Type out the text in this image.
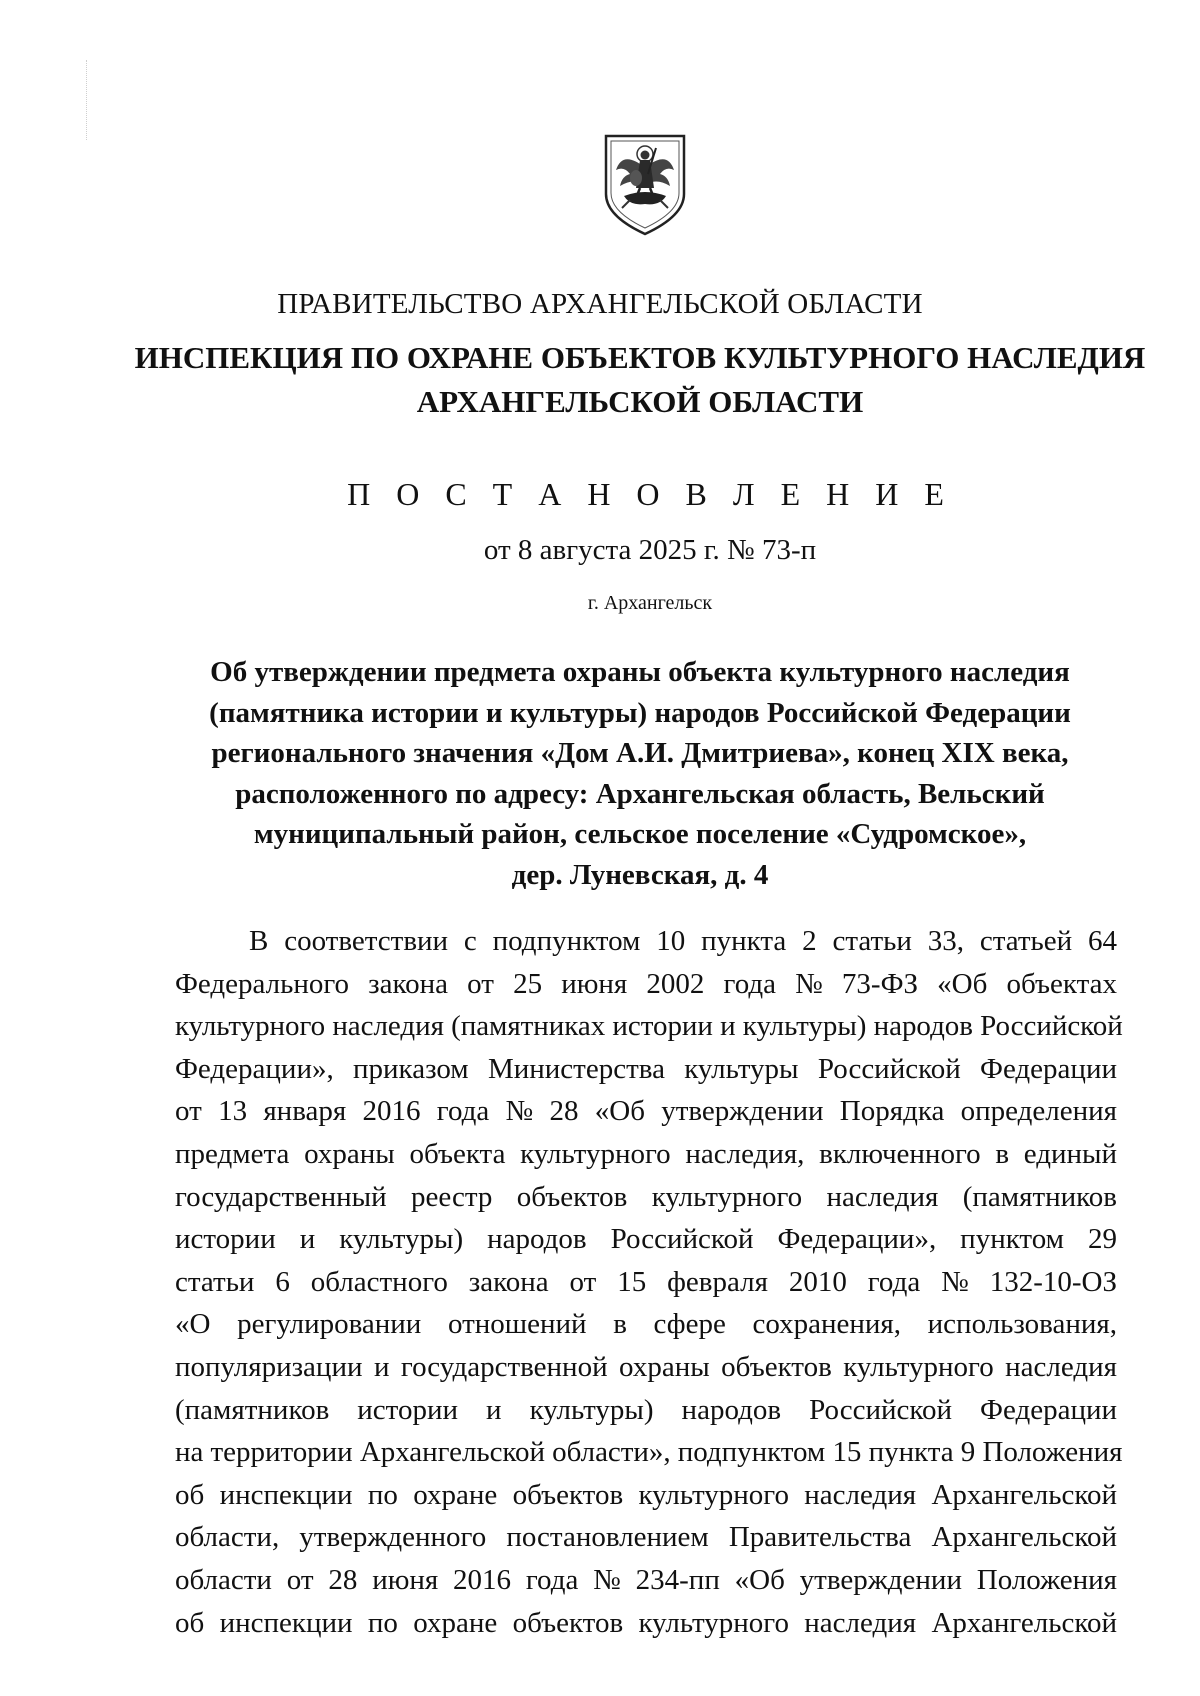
ПРАВИТЕЛЬСТВО АРХАНГЕЛЬСКОЙ ОБЛАСТИ
ИНСПЕКЦИЯ ПО ОХРАНЕ ОБЪЕКТОВ КУЛЬТУРНОГО НАСЛЕДИЯ
АРХАНГЕЛЬСКОЙ ОБЛАСТИ
П О С Т А Н О В Л Е Н И Е
от 8 августа 2025 г. № 73-п
г. Архангельск
Об утверждении предмета охраны объекта культурного наследия
(памятника истории и культуры) народов Российской Федерации
регионального значения «Дом А.И. Дмитриева», конец XIX века,
расположенного по адресу: Архангельская область, Вельский
муниципальный район, сельское поселение «Судромское»,
дер. Луневская, д. 4
В соответствии с подпунктом 10 пункта 2 статьи 33, статьей 64
Федерального закона от 25 июня 2002 года № 73-ФЗ «Об объектах
культурного наследия (памятниках истории и культуры) народов Российской
Федерации», приказом Министерства культуры Российской Федерации
от 13 января 2016 года № 28 «Об утверждении Порядка определения
предмета охраны объекта культурного наследия, включенного в единый
государственный реестр объектов культурного наследия (памятников
истории и культуры) народов Российской Федерации», пунктом 29
статьи 6 областного закона от 15 февраля 2010 года № 132-10-ОЗ
«О регулировании отношений в сфере сохранения, использования,
популяризации и государственной охраны объектов культурного наследия
(памятников истории и культуры) народов Российской Федерации
на территории Архангельской области», подпунктом 15 пункта 9 Положения
об инспекции по охране объектов культурного наследия Архангельской
области, утвержденного постановлением Правительства Архангельской
области от 28 июня 2016 года № 234-пп «Об утверждении Положения
об инспекции по охране объектов культурного наследия Архангельской
